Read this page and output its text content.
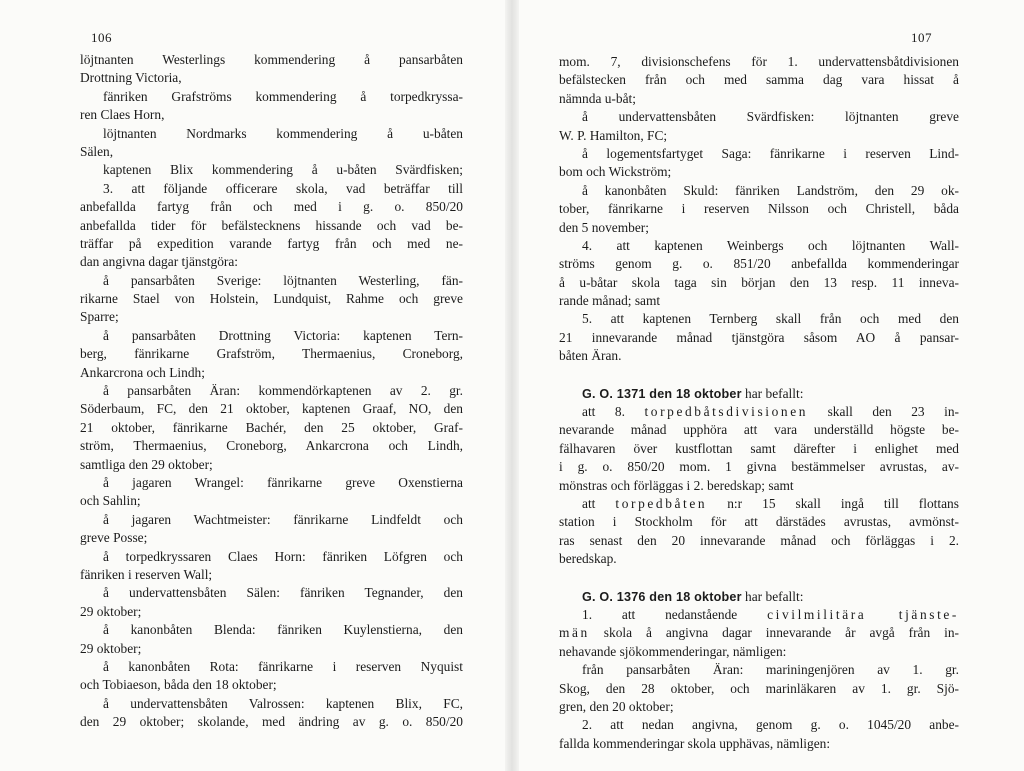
106
löjtnanten Westerlings kommendering å pansarbåten
Drottning Victoria,
fänriken Grafströms kommendering å torpedkryssa-
ren Claes Horn,
löjtnanten Nordmarks kommendering å u-båten
Sälen,
kaptenen Blix kommendering å u-båten Svärdfisken;
3. att följande officerare skola, vad beträffar till
anbefallda fartyg från och med i g. o. 850/20
anbefallda tider för befälstecknens hissande och vad be-
träffar på expedition varande fartyg från och med ne-
dan angivna dagar tjänstgöra:
å pansarbåten Sverige: löjtnanten Westerling, fän-
rikarne Stael von Holstein, Lundquist, Rahme och greve
Sparre;
å pansarbåten Drottning Victoria: kaptenen Tern-
berg, fänrikarne Grafström, Thermaenius, Croneborg,
Ankarcrona och Lindh;
å pansarbåten Äran: kommendörkaptenen av 2. gr.
Söderbaum, FC, den 21 oktober, kaptenen Graaf, NO, den
21 oktober, fänrikarne Bachér, den 25 oktober, Graf-
ström, Thermaenius, Croneborg, Ankarcrona och Lindh,
samtliga den 29 oktober;
å jagaren Wrangel: fänrikarne greve Oxenstierna
och Sahlin;
å jagaren Wachtmeister: fänrikarne Lindfeldt och
greve Posse;
å torpedkryssaren Claes Horn: fänriken Löfgren och
fänriken i reserven Wall;
å undervattensbåten Sälen: fänriken Tegnander, den
29 oktober;
å kanonbåten Blenda: fänriken Kuylenstierna, den
29 oktober;
å kanonbåten Rota: fänrikarne i reserven Nyquist
och Tobiaeson, båda den 18 oktober;
å undervattensbåten Valrossen: kaptenen Blix, FC,
den 29 oktober; skolande, med ändring av g. o. 850/20
107
mom. 7, divisionschefens för 1. undervattensbåtdivisionen
befälstecken från och med samma dag vara hissat å
nämnda u-båt;
å undervattensbåten Svärdfisken: löjtnanten greve
W. P. Hamilton, FC;
å logementsfartyget Saga: fänrikarne i reserven Lind-
bom och Wickström;
å kanonbåten Skuld: fänriken Landström, den 29 ok-
tober, fänrikarne i reserven Nilsson och Christell, båda
den 5 november;
4. att kaptenen Weinbergs och löjtnanten Wall-
ströms genom g. o. 851/20 anbefallda kommenderingar
å u-båtar skola taga sin början den 13 resp. 11 inneva-
rande månad; samt
5. att kaptenen Ternberg skall från och med den
21 innevarande månad tjänstgöra såsom AO å pansar-
båten Äran.
G. O. 1371 den 18 oktober har befallt:
att 8. torpedbåtsdivisionen skall den 23 in-
nevarande månad upphöra att vara underställd högste be-
fälhavaren över kustflottan samt därefter i enlighet med
i g. o. 850/20 mom. 1 givna bestämmelser avrustas, av-
mönstras och förläggas i 2. beredskap; samt
att torpedbåten n:r 15 skall ingå till flottans
station i Stockholm för att därstädes avrustas, avmönst-
ras senast den 20 innevarande månad och förläggas i 2.
beredskap.
G. O. 1376 den 18 oktober har befallt:
1. att nedanstående civilmilitära tjänste-
män skola å angivna dagar innevarande år avgå från in-
nehavande sjökommenderingar, nämligen:
från pansarbåten Äran: mariningenjören av 1. gr.
Skog, den 28 oktober, och marinläkaren av 1. gr. Sjö-
gren, den 20 oktober;
2. att nedan angivna, genom g. o. 1045/20 anbe-
fallda kommenderingar skola upphävas, nämligen:
